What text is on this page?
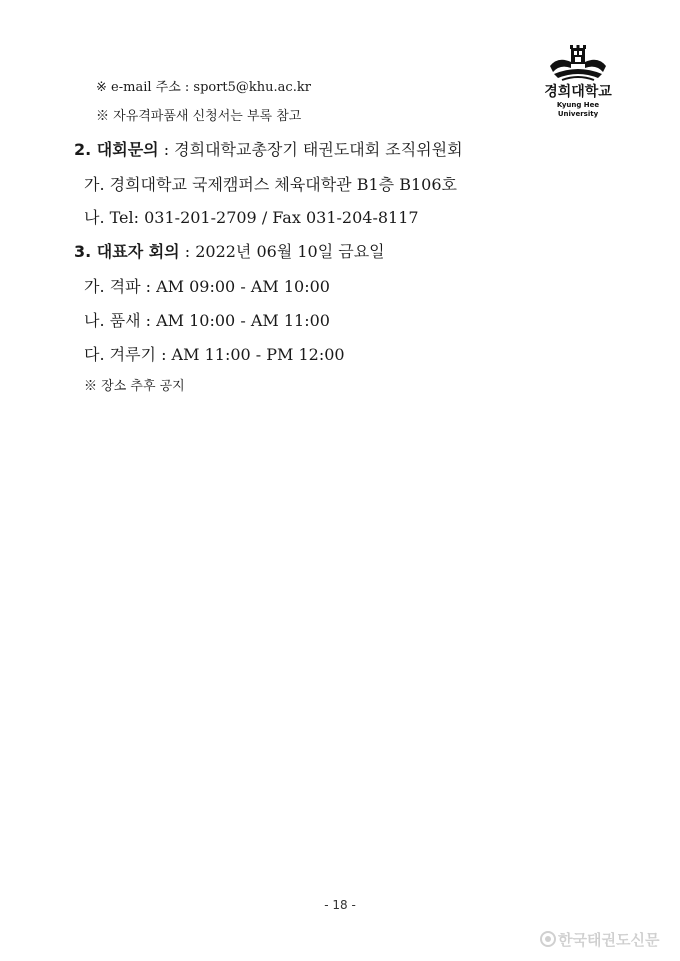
경희대학교
Kyung Hee University
※ e-mail 주소 : sport5@khu.ac.kr
※ 자유격파품새 신청서는 부록 참고
2. 대회문의 : 경희대학교총장기 태권도대회 조직위원회
가. 경희대학교 국제캠퍼스 체육대학관 B1층 B106호
나. Tel: 031-201-2709 / Fax 031-204-8117
3. 대표자 회의 : 2022년 06월 10일 금요일
가. 격파 : AM 09:00 - AM 10:00
나. 품새 : AM 10:00 - AM 11:00
다. 겨루기 : AM 11:00 - PM 12:00
※ 장소 추후 공지
- 18 -
한국태권도신문
